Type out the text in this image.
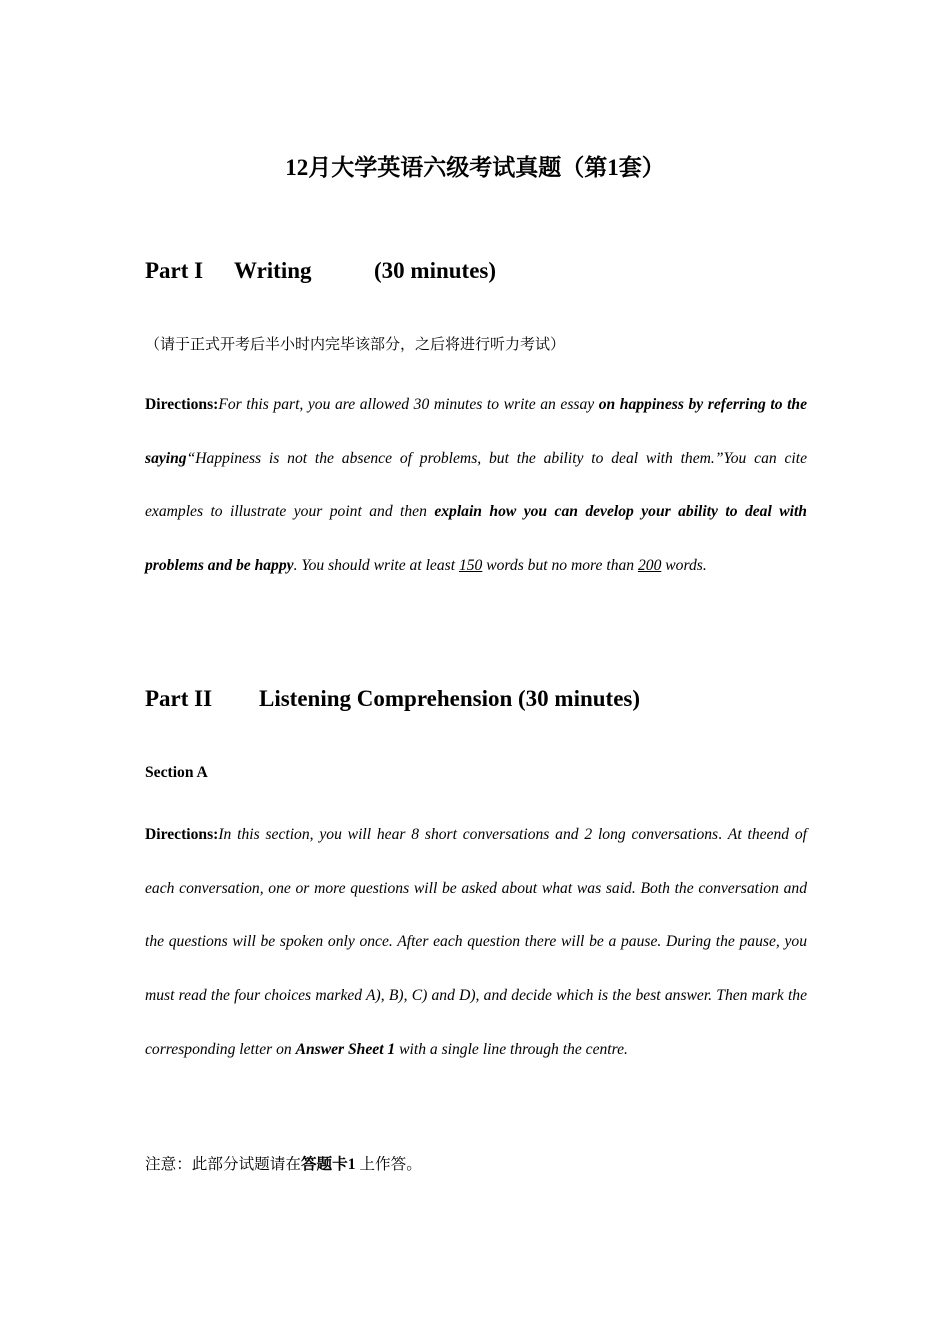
12月大学英语六级考试真题（第1套）
Part I Writing	(30 minutes)
（请于正式开考后半小时内完毕该部分，之后将进行听力考试）
Directions:For this part, you are allowed 30 minutes to write an essay on happiness by referring to the saying“Happiness is not the absence of problems, but the ability to deal with them.”You can cite examples to illustrate your point and then explain how you can develop your ability to deal with problems and be happy. You should write at least 150 words but no more than 200 words.
Part II Listening Comprehension (30 minutes)
Section A
Directions:In this section, you will hear 8 short conversations and 2 long conversations. At theend of each conversation, one or more questions will be asked about what was said. Both the conversation and the questions will be spoken only once. After each question there will be a pause. During the pause, you must read the four choices marked A), B), C) and D), and decide which is the best answer. Then mark the corresponding letter on Answer Sheet 1 with a single line through the centre.
注意：此部分试题请在答题卡1 上作答。
